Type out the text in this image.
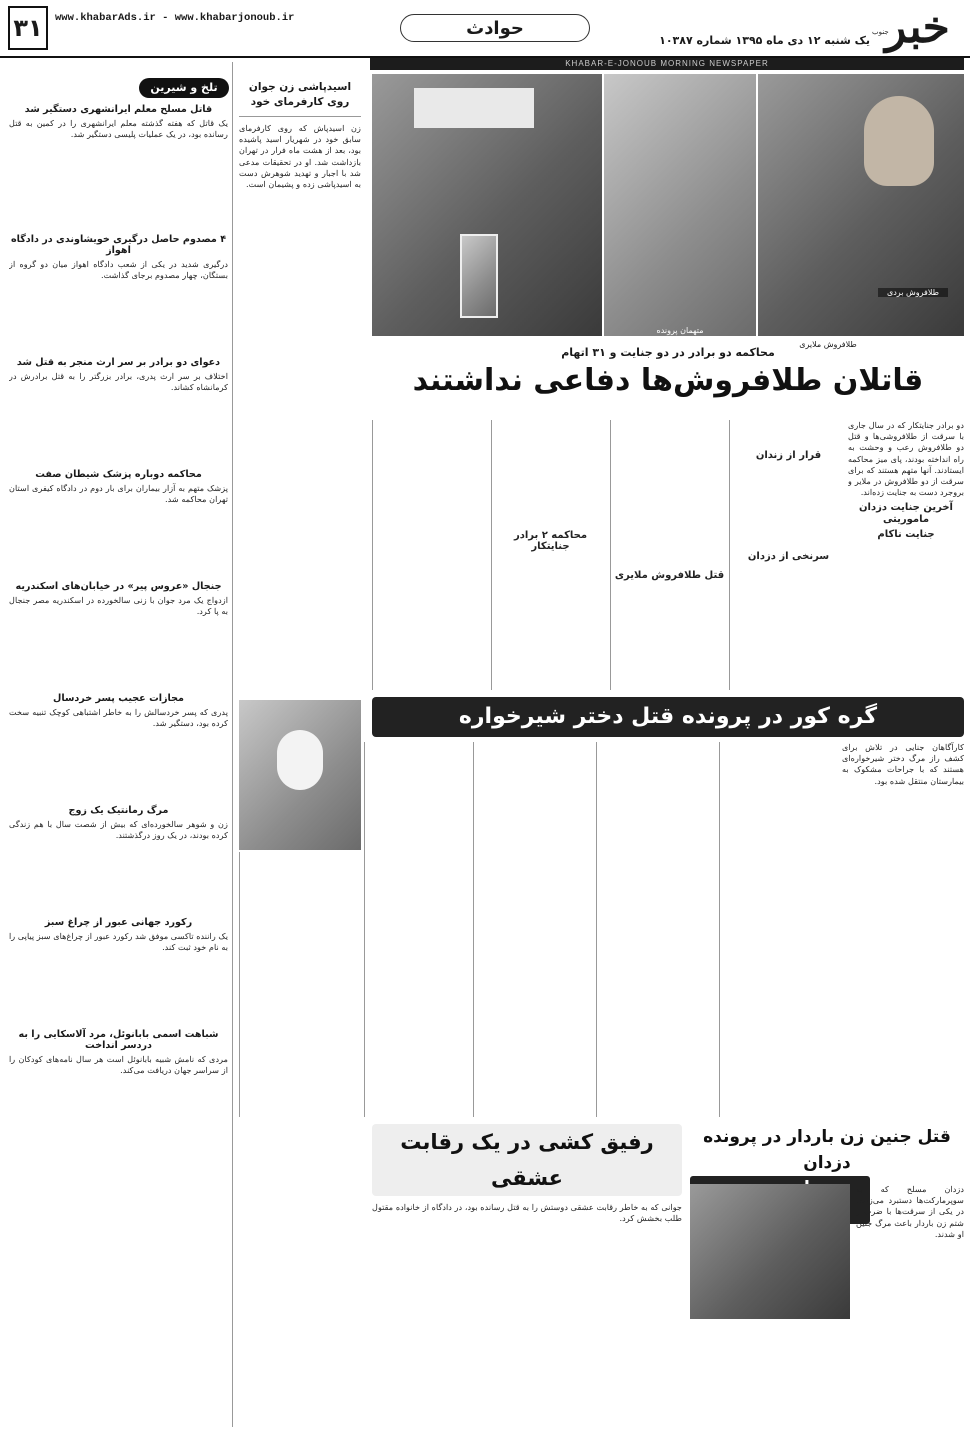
۳۱	www.khabarAds.ir - www.khabarjonoub.ir	حوادث
یک شنبه ۱۲ دی ماه ۱۳۹۵ شماره ۱۰۳۸۷ خبر
جنوب
KHABAR-E-JONOUB MORNING NEWSPAPER
تلخ و شیرین
قاتل مسلح معلم ایرانشهری دستگیر شد
یک قاتل که هفته گذشته معلم ایرانشهری را در کمین به قتل رسانده بود، در یک عملیات پلیسی دستگیر شد.
۴ مصدوم حاصل درگیری خویشاوندی در دادگاه اهواز
درگیری شدید در یکی از شعب دادگاه اهواز میان دو گروه از بستگان، چهار مصدوم برجای گذاشت.
دعوای دو برادر بر سر ارث منجر به قتل شد
اختلاف بر سر ارث پدری، برادر بزرگتر را به قتل برادرش در کرمانشاه کشاند.
محاکمه دوباره پزشک شیطان صفت
پزشک متهم به آزار بیماران برای بار دوم در دادگاه کیفری استان تهران محاکمه شد.
جنجال «عروس پیر» در خیابان‌های اسکندریه
ازدواج یک مرد جوان با زنی سالخورده در اسکندریه مصر جنجال به پا کرد.
مجازات عجیب پسر خردسال
پدری که پسر خردسالش را به خاطر اشتباهی کوچک تنبیه سخت کرده بود، دستگیر شد.
مرگ رمانتیک یک زوج
زن و شوهر سالخورده‌ای که بیش از شصت سال با هم زندگی کرده بودند، در یک روز درگذشتند.
رکورد جهانی عبور از چراغ سبز
یک راننده تاکسی موفق شد رکورد عبور از چراغ‌های سبز پیاپی را به نام خود ثبت کند.
شباهت اسمی بابانوئل، مرد آلاسکایی را به دردسر انداخت
مردی که نامش شبیه بابانوئل است هر سال نامه‌های کودکان را از سراسر جهان دریافت می‌کند.
اسیدپاشی زن جوان روی کارفرمای خود
زن اسیدپاش که روی کارفرمای سابق خود در شهریار اسید پاشیده بود، بعد از هشت ماه فرار در تهران بازداشت شد. او در تحقیقات مدعی شد با اجبار و تهدید شوهرش دست به اسیدپاشی زده و پشیمان است.
طلافروش بردی
طلافروش ملایری
متهمان پرونده
محاکمه دو برادر در دو جنایت و ۳۱ اتهام
قاتلان طلافروش‌ها دفاعی نداشتند
دو برادر جنایتکار که در سال جاری با سرقت از طلافروشی‌ها و قتل دو طلافروش رعب و وحشت به راه انداخته بودند، پای میز محاکمه ایستادند. آنها متهم هستند که برای سرقت از دو طلافروش در ملایر و بروجرد دست به جنایت زده‌اند.
آخرین جنایت دزدان ماموریتی
جنایت ناکام
قرار از زندان
سرنخی از دزدان
قتل طلافروش ملایری
محاکمه ۲ برادر جنایتکار
گره کور در پرونده قتل دختر شیرخواره
کارآگاهان جنایی در تلاش برای کشف راز مرگ دختر شیرخواره‌ای هستند که با جراحات مشکوک به بیمارستان منتقل شده بود.
رفیق کشی در یک رقابت عشقی
جوانی که به خاطر رقابت عشقی دوستش را به قتل رسانده بود، در دادگاه از خانواده مقتول طلب بخشش کرد.
قتل جنین زن باردار در پرونده دزدان
دزدان مسلح که به سوپرمارکت‌ها دستبرد می‌زدند، در یکی از سرقت‌ها با ضرب و شتم زن باردار باعث مرگ جنین او شدند.
